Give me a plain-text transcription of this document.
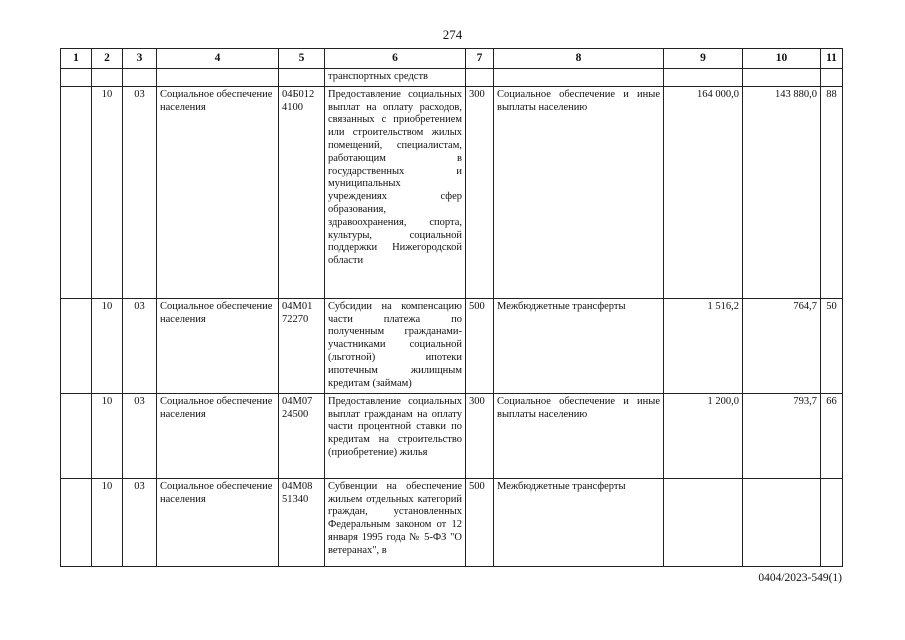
274
1	2	3	4	5	6	7	8	9	10	11
					транспортных средств					
	10	03	Социальное обеспечение населения	04Б012 4100	Предоставление социальных выплат на оплату расходов, связанных с приобретением или строительством жилых помещений, специалистам, работающим в государственных и муниципальных учреждениях сфер образования, здравоохранения, спорта, культуры, социальной поддержки Нижегородской области	300	Социальное обеспечение и иные выплаты населению	164 000,0	143 880,0	88
	10	03	Социальное обеспечение населения	04М01 72270	Субсидии на компенсацию части платежа по полученным гражданами-участниками социальной (льготной) ипотеки ипотечным жилищным кредитам (займам)	500	Межбюджетные трансферты	1 516,2	764,7	50
	10	03	Социальное обеспечение населения	04М07 24500	Предоставление социальных выплат гражданам на оплату части процентной ставки по кредитам на строительство (приобретение) жилья	300	Социальное обеспечение и иные выплаты населению	1 200,0	793,7	66
	10	03	Социальное обеспечение населения	04М08 51340	Субвенции на обеспечение жильем отдельных категорий граждан, установленных Федеральным законом от 12 января 1995 года № 5-ФЗ "О ветеранах", в	500	Межбюджетные трансферты			
0404/2023-549(1)
